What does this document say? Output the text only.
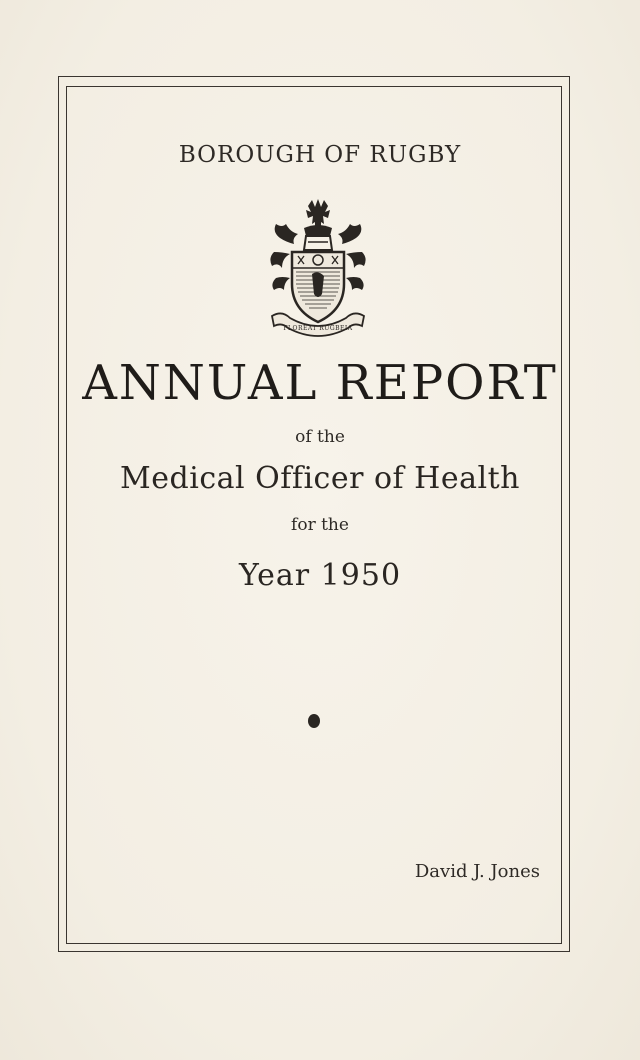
BOROUGH OF RUGBY
FLOREAT RUGBEIA
ANNUAL REPORT
of the
Medical Officer of Health
for the
Year 1950
David J. Jones
